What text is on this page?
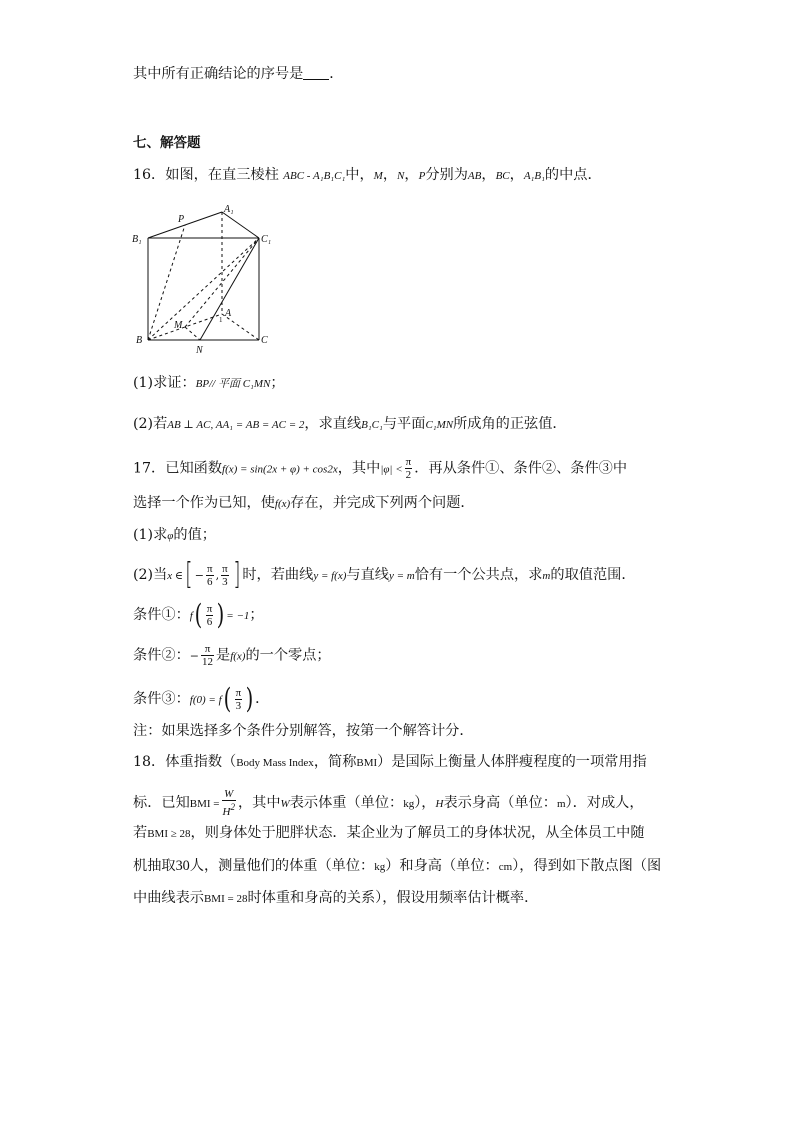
其中所有正确结论的序号是 ．
七、解答题
16．如图，在直三棱柱 ABC - A₁B₁C₁中，M，N，P分别为AB，BC，A₁B₁的中点．
B₁
P
A₁
C₁
M
A
1
B
N
C
(1)求证：BP// 平面 C₁MN；
(2)若AB ⊥ AC, AA₁ = AB = AC = 2，求直线B₁C₁与平面C₁MN所成角的正弦值．
17．已知函数f(x) = sin(2x + φ) + cos2x，其中$|\varphi| < \frac{\pi}{2}$ ．再从条件①、条件②、条件③中
选择一个作为已知，使f(x)存在，并完成下列两个问题．
(1)求φ的值；
(2)当x ∈[ − $\frac{\pi}{6}$ , $\frac{\pi}{3}$ ] 时，若曲线y = f(x)与直线y = m恰有一个公共点，求m的取值范围．
条件①：$f( \frac{\pi}{6}$ ) = −1；
条件②：− $\frac{\pi}{12}$ 是f(x)的一个零点；
条件③：$f(0) = f( \frac{\pi}{3}$ ) ．
注：如果选择多个条件分别解答，按第一个解答计分．
18．体重指数（Body Mass Index，简称BMI）是国际上衡量人体胖瘦程度的一项常用指
标．已知BMI = $\frac{W}{H^2}$ ，其中W表示体重（单位：kg），H表示身高（单位：m）．对成人，
若BMI ≥ 28，则身体处于肥胖状态．某企业为了解员工的身体状况，从全体员工中随
机抽取30人，测量他们的体重（单位：kg）和身高（单位：cm），得到如下散点图（图
中曲线表示BMI = 28时体重和身高的关系），假设用频率估计概率．
